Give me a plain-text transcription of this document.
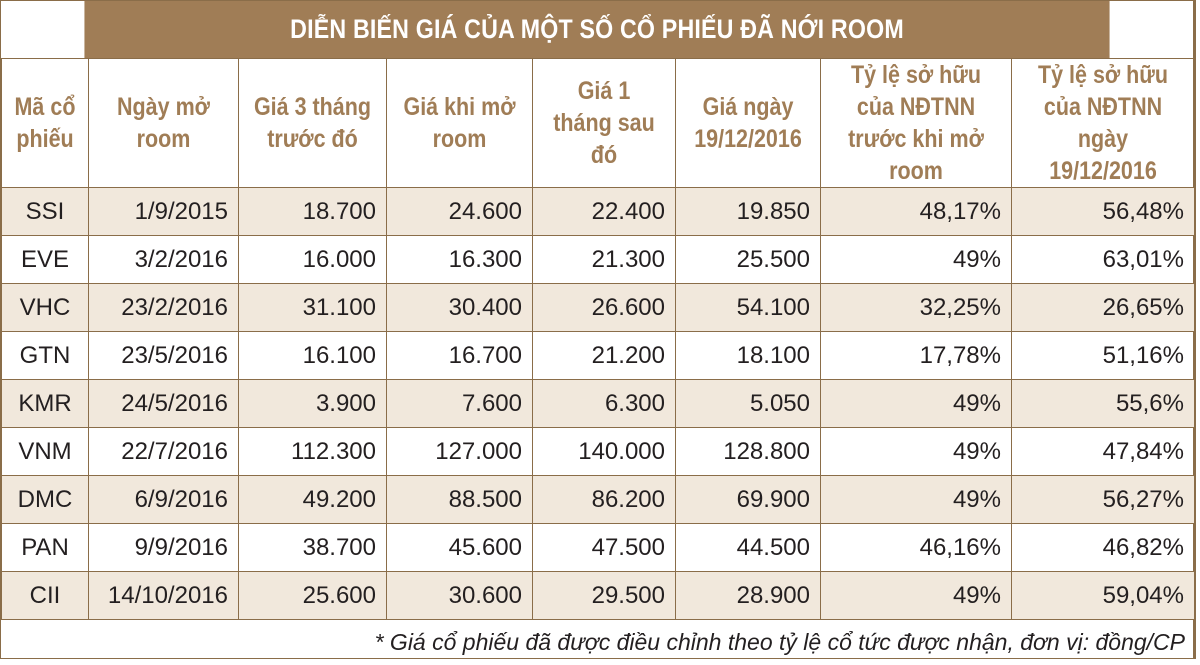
DIỄN BIẾN GIÁ CỦA MỘT SỐ CỔ PHIẾU ĐÃ NỚI ROOM
Mã cổ phiếu	Ngày mở room	Giá 3 tháng trước đó	Giá khi mở room	Giá 1 tháng sau đó	Giá ngày 19/12/2016	Tỷ lệ sở hữu của NĐTNN trước khi mở room	Tỷ lệ sở hữu của NĐTNN ngày 19/12/2016
SSI	1/9/2015	18.700	24.600	22.400	19.850	48,17%	56,48%
EVE	3/2/2016	16.000	16.300	21.300	25.500	49%	63,01%
VHC	23/2/2016	31.100	30.400	26.600	54.100	32,25%	26,65%
GTN	23/5/2016	16.100	16.700	21.200	18.100	17,78%	51,16%
KMR	24/5/2016	3.900	7.600	6.300	5.050	49%	55,6%
VNM	22/7/2016	112.300	127.000	140.000	128.800	49%	47,84%
DMC	6/9/2016	49.200	88.500	86.200	69.900	49%	56,27%
PAN	9/9/2016	38.700	45.600	47.500	44.500	46,16%	46,82%
CII	14/10/2016	25.600	30.600	29.500	28.900	49%	59,04%
* Giá cổ phiếu đã được điều chỉnh theo tỷ lệ cổ tức được nhận, đơn vị: đồng/CP
